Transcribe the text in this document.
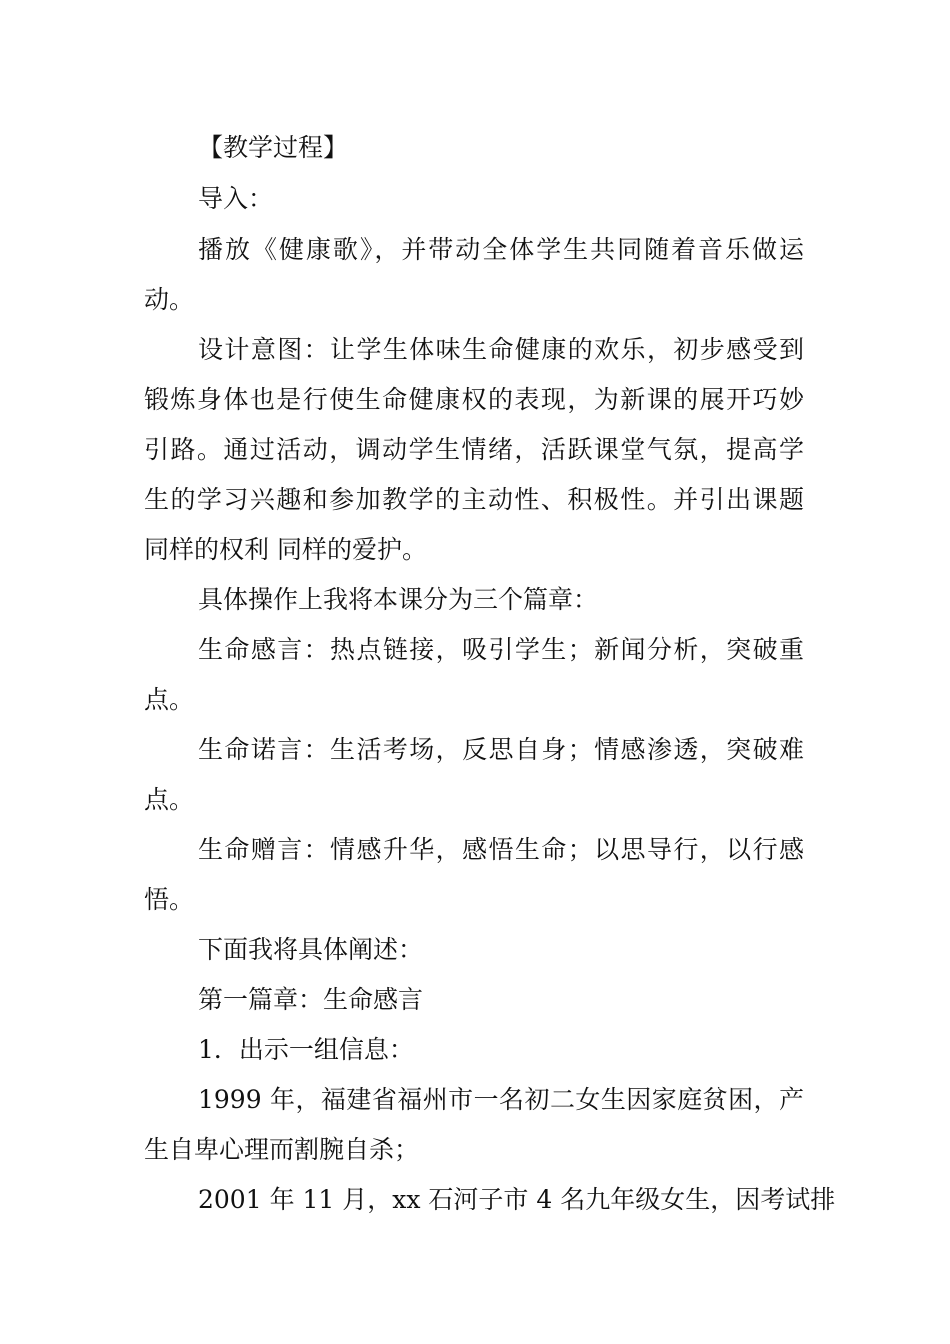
【教学过程】
导入：
播放《健康歌》，并带动全体学生共同随着音乐做运
动。
设计意图：让学生体味生命健康的欢乐，初步感受到
锻炼身体也是行使生命健康权的表现，为新课的展开巧妙
引路。通过活动，调动学生情绪，活跃课堂气氛，提高学
生的学习兴趣和参加教学的主动性、积极性。并引出课题
同样的权利 同样的爱护。
具体操作上我将本课分为三个篇章：
生命感言：热点链接，吸引学生；新闻分析，突破重
点。
生命诺言：生活考场，反思自身；情感渗透，突破难
点。
生命赠言：情感升华，感悟生命；以思导行，以行感
悟。
下面我将具体阐述：
第一篇章：生命感言
1．出示一组信息：
1999 年，福建省福州市一名初二女生因家庭贫困，产
生自卑心理而割腕自杀；
2001 年 11 月，xx 石河子市 4 名九年级女生，因考试排
